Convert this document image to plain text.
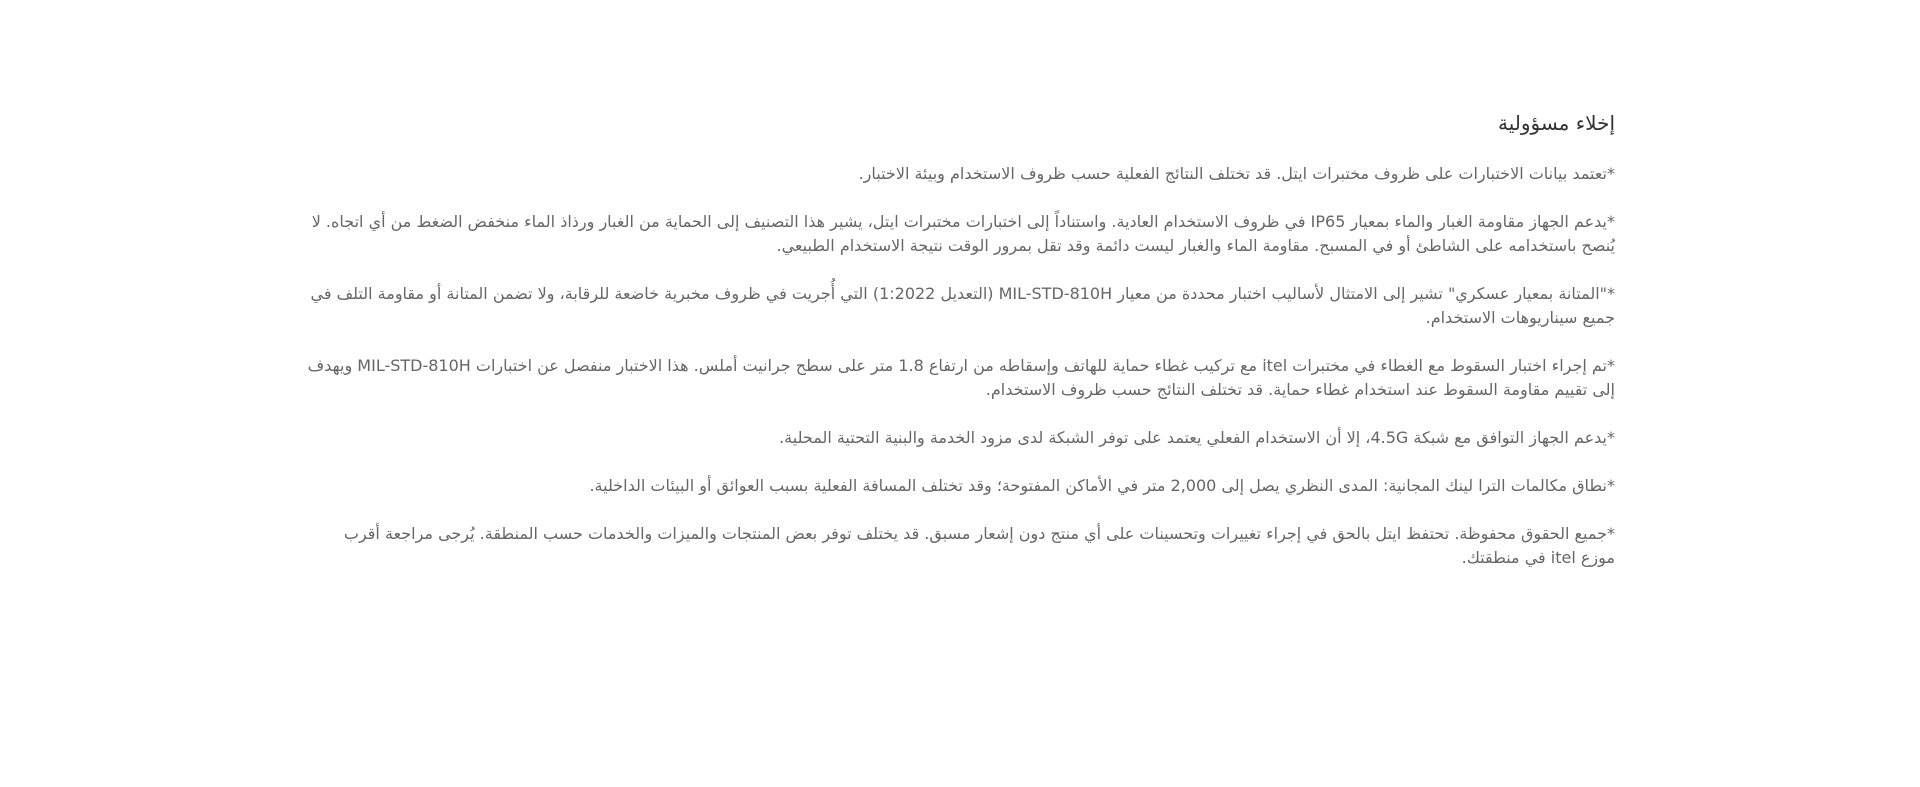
إخلاء مسؤولية
*تعتمد بيانات الاختبارات على ظروف مختبرات ايتل. قد تختلف النتائج الفعلية حسب ظروف الاستخدام وبيئة الاختبار.
*يدعم الجهاز مقاومة الغبار والماء بمعيار IP65 في ظروف الاستخدام العادية. واستناداً إلى اختبارات مختبرات ايتل، يشير هذا التصنيف إلى الحماية من الغبار ورذاذ الماء منخفض الضغط من أي اتجاه. لا يُنصح باستخدامه على الشاطئ أو في المسبح. مقاومة الماء والغبار ليست دائمة وقد تقل بمرور الوقت نتيجة الاستخدام الطبيعي.
*"المتانة بمعيار عسكري" تشير إلى الامتثال لأساليب اختبار محددة من معيار MIL-STD-810H (التعديل 1:2022) التي أُجريت في ظروف مخبرية خاضعة للرقابة، ولا تضمن المتانة أو مقاومة التلف في جميع سيناريوهات الاستخدام.
*تم إجراء اختبار السقوط مع الغطاء في مختبرات itel مع تركيب غطاء حماية للهاتف وإسقاطه من ارتفاع 1.8 متر على سطح جرانيت أملس. هذا الاختبار منفصل عن اختبارات MIL-STD-810H ويهدف إلى تقييم مقاومة السقوط عند استخدام غطاء حماية. قد تختلف النتائج حسب ظروف الاستخدام.
*يدعم الجهاز التوافق مع شبكة 4.5G، إلا أن الاستخدام الفعلي يعتمد على توفر الشبكة لدى مزود الخدمة والبنية التحتية المحلية.
*نطاق مكالمات الترا لينك المجانية: المدى النظري يصل إلى 2,000 متر في الأماكن المفتوحة؛ وقد تختلف المسافة الفعلية بسبب العوائق أو البيئات الداخلية.
*جميع الحقوق محفوظة. تحتفظ ايتل بالحق في إجراء تغييرات وتحسينات على أي منتج دون إشعار مسبق. قد يختلف توفر بعض المنتجات والميزات والخدمات حسب المنطقة. يُرجى مراجعة أقرب موزع itel في منطقتك.
